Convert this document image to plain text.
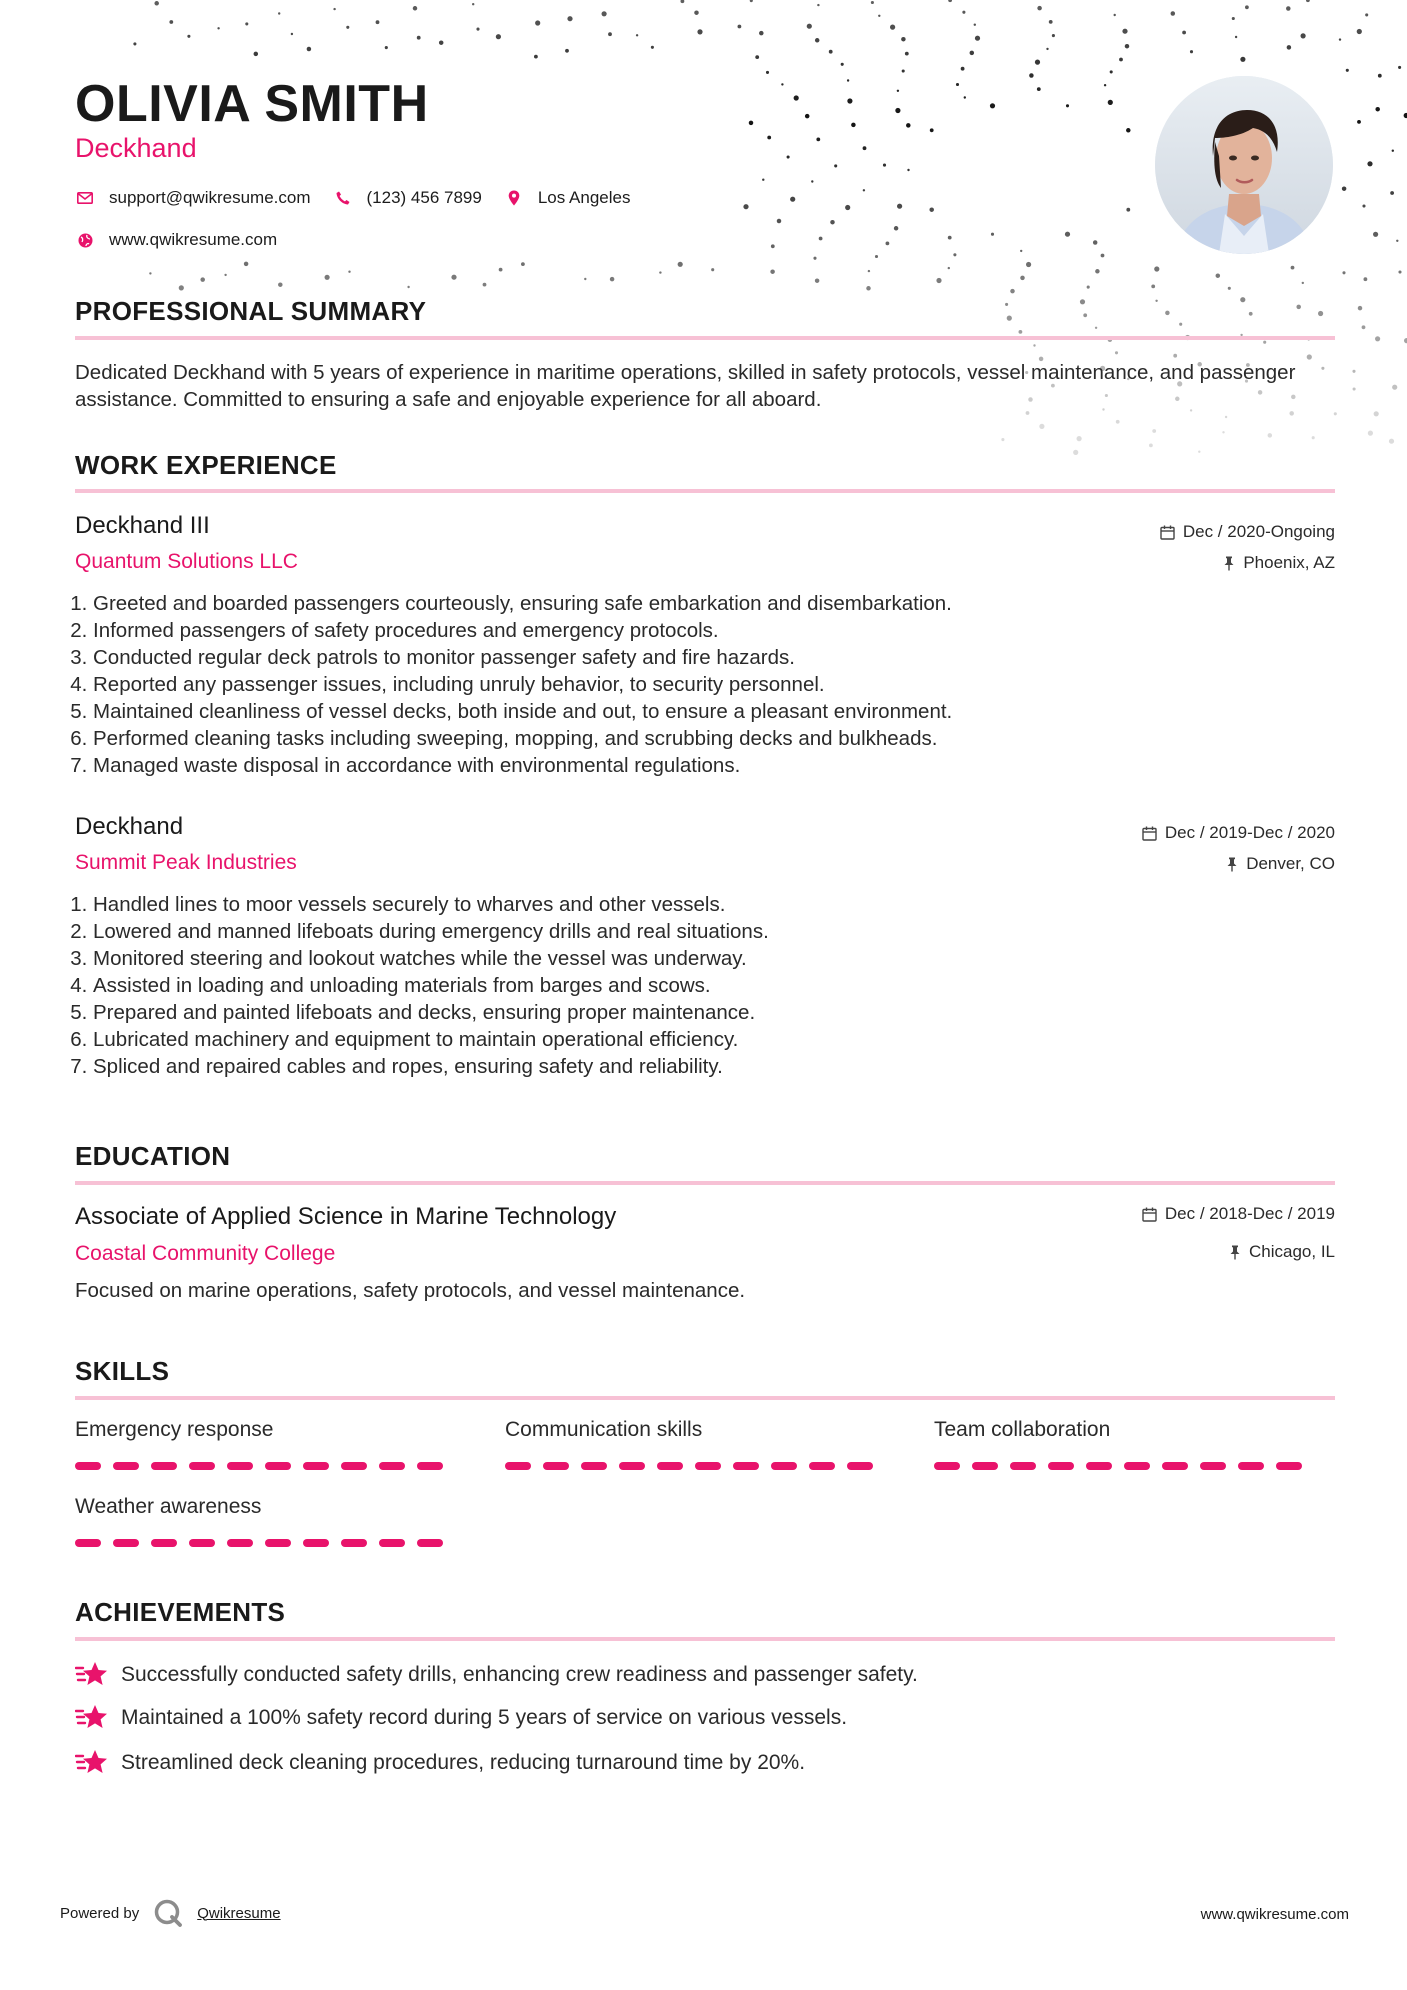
OLIVIA SMITH
Deckhand
support@qwikresume.com	(123) 456 7899	Los Angeles
www.qwikresume.com
PROFESSIONAL SUMMARY

Dedicated Deckhand with 5 years of experience in maritime operations, skilled in safety protocols, vessel maintenance, and passenger assistance. Committed to ensuring a safe and enjoyable experience for all aboard.

WORK EXPERIENCE
Deckhand III
Quantum Solutions LLC
Dec / 2020-Ongoing
Phoenix, AZ
1. Greeted and boarded passengers courteously, ensuring safe embarkation and disembarkation.
2. Informed passengers of safety procedures and emergency protocols.
3. Conducted regular deck patrols to monitor passenger safety and fire hazards.
4. Reported any passenger issues, including unruly behavior, to security personnel.
5. Maintained cleanliness of vessel decks, both inside and out, to ensure a pleasant environment.
6. Performed cleaning tasks including sweeping, mopping, and scrubbing decks and bulkheads.
7. Managed waste disposal in accordance with environmental regulations.
Deckhand
Summit Peak Industries
Dec / 2019-Dec / 2020
Denver, CO
1. Handled lines to moor vessels securely to wharves and other vessels.
2. Lowered and manned lifeboats during emergency drills and real situations.
3. Monitored steering and lookout watches while the vessel was underway.
4. Assisted in loading and unloading materials from barges and scows.
5. Prepared and painted lifeboats and decks, ensuring proper maintenance.
6. Lubricated machinery and equipment to maintain operational efficiency.
7. Spliced and repaired cables and ropes, ensuring safety and reliability.
EDUCATION
Associate of Applied Science in Marine Technology
Coastal Community College
Dec / 2018-Dec / 2019
Chicago, IL

Focused on marine operations, safety protocols, and vessel maintenance.

SKILLS
Emergency response	Communication skills	Team collaboration
Weather awareness
ACHIEVEMENTS
Successfully conducted safety drills, enhancing crew readiness and passenger safety.
Maintained a 100% safety record during 5 years of service on various vessels.
Streamlined deck cleaning procedures, reducing turnaround time by 20%.
Powered by	Qwikresume	www.qwikresume.com
